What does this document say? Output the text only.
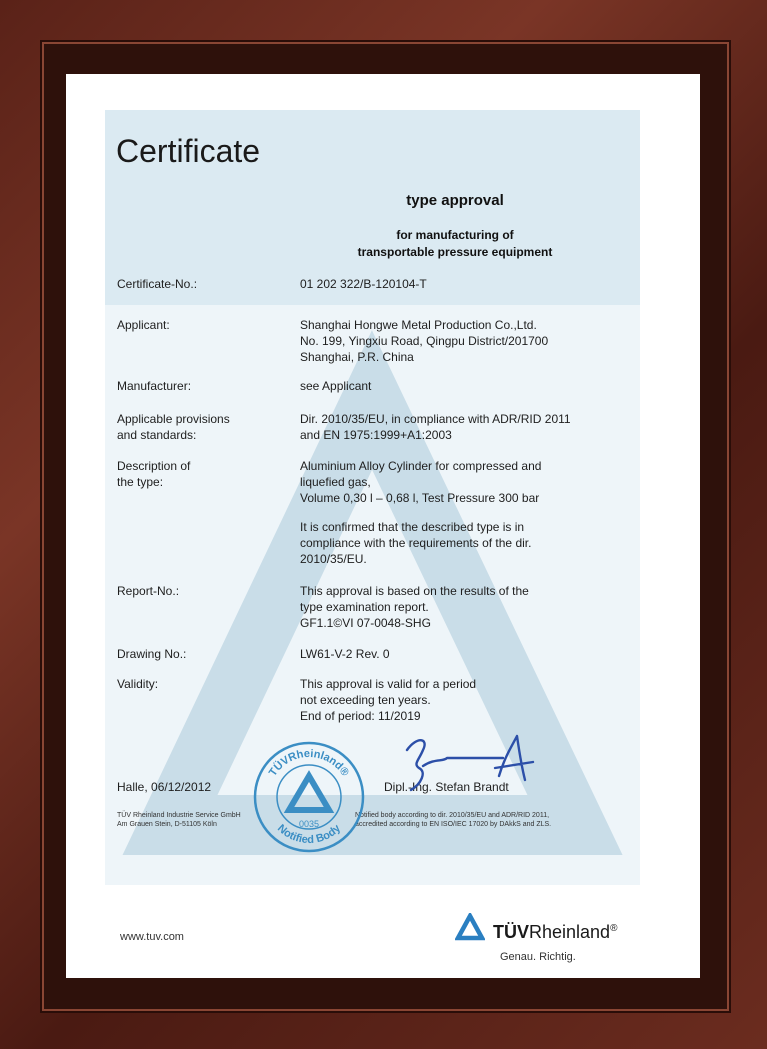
Certificate
type approval
for manufacturing of
transportable pressure equipment
Certificate-No.:	01 202 322/B-120104-T
Applicant:	Shanghai Hongwe Metal Production Co.,Ltd.
No. 199, Yingxiu Road, Qingpu District/201700
Shanghai, P.R. China
Manufacturer:	see Applicant
Applicable provisions
and standards:
Dir. 2010/35/EU, in compliance with ADR/RID 2011
and EN 1975:1999+A1:2003
Description of
the type:
Aluminium Alloy Cylinder for compressed and
liquefied gas,
Volume 0,30 l – 0,68 l, Test Pressure 300 bar
It is confirmed that the described type is in
compliance with the requirements of the dir.
2010/35/EU.
Report-No.:	This approval is based on the results of the
type examination report.
GF1.1©VI 07-0048-SHG
Drawing No.:	LW61-V-2 Rev. 0
Validity:	This approval is valid for a period
not exceeding ten years.
End of period: 11/2019
Halle, 06/12/2012	Dipl.-Ing. Stefan Brandt
TÜV Rheinland Industrie Service GmbH
Am Grauen Stein, D-51105 Köln
Notified body according to dir. 2010/35/EU and ADR/RID 2011,
accredited according to EN ISO/IEC 17020 by DAkkS and ZLS.
TÜVRheinland®
Notified Body
0035
www.tuv.com	TÜVRheinland®
Genau. Richtig.
